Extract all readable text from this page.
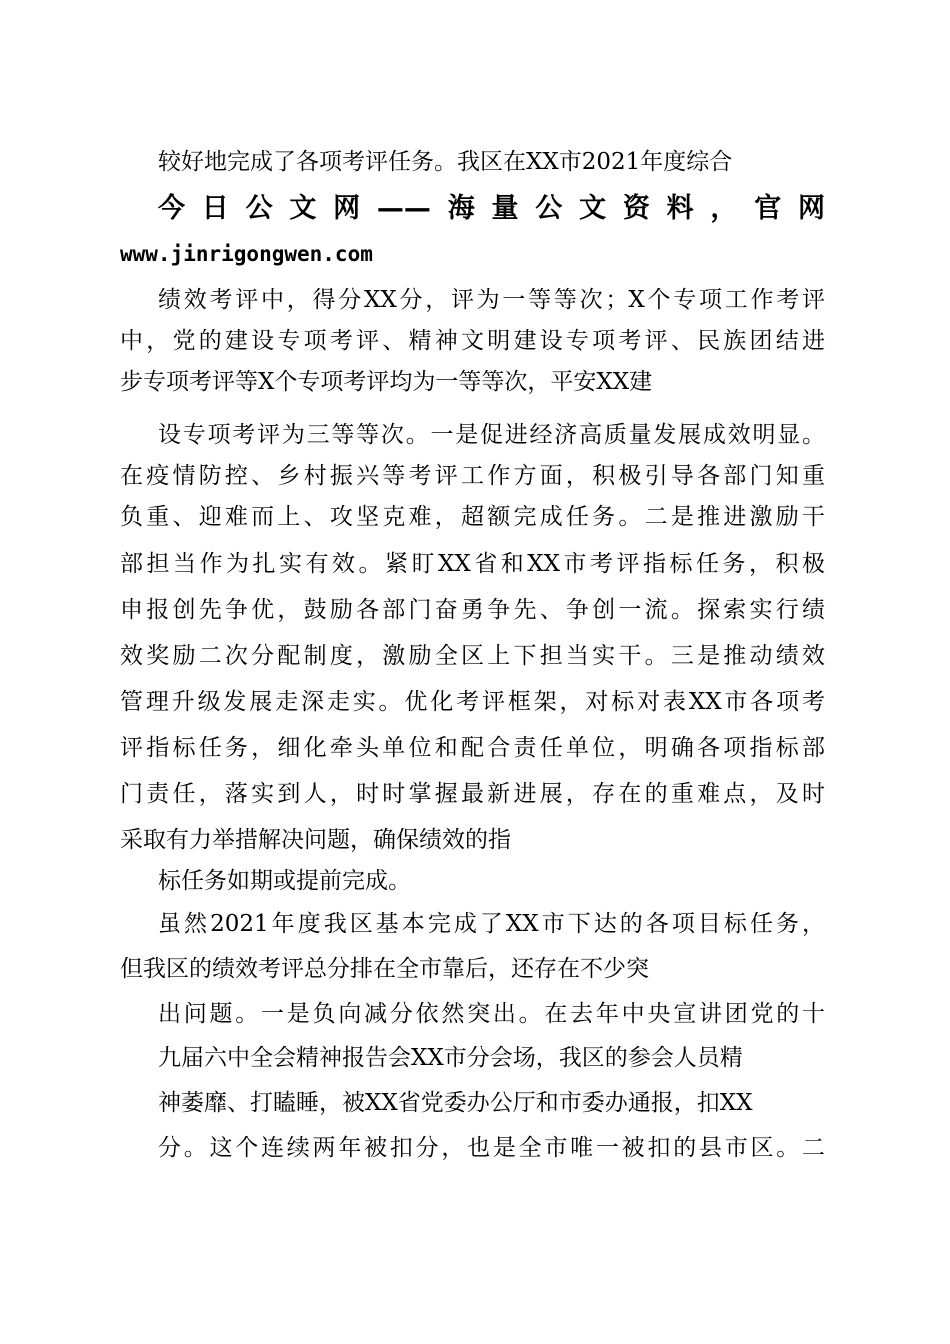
较好地完成了各项考评任务。我区在XX市2021年度综合
今日公文网——海量公文资料，官网
www.jinrigongwen.com
绩效考评中，得分XX分，评为一等等次；X个专项工作考评
中，党的建设专项考评、精神文明建设专项考评、民族团结进
步专项考评等X个专项考评均为一等等次，平安XX建
设专项考评为三等等次。一是促进经济高质量发展成效明显。
在疫情防控、乡村振兴等考评工作方面，积极引导各部门知重
负重、迎难而上、攻坚克难，超额完成任务。二是推进激励干
部担当作为扎实有效。紧盯XX省和XX市考评指标任务，积极
申报创先争优，鼓励各部门奋勇争先、争创一流。探索实行绩
效奖励二次分配制度，激励全区上下担当实干。三是推动绩效
管理升级发展走深走实。优化考评框架，对标对表XX市各项考
评指标任务，细化牵头单位和配合责任单位，明确各项指标部
门责任，落实到人，时时掌握最新进展，存在的重难点，及时
采取有力举措解决问题，确保绩效的指
标任务如期或提前完成。
虽然2021年度我区基本完成了XX市下达的各项目标任务，
但我区的绩效考评总分排在全市靠后，还存在不少突
出问题。一是负向减分依然突出。在去年中央宣讲团党的十
九届六中全会精神报告会XX市分会场，我区的参会人员精
神萎靡、打瞌睡，被XX省党委办公厅和市委办通报，扣XX
分。这个连续两年被扣分，也是全市唯一被扣的县市区。二
